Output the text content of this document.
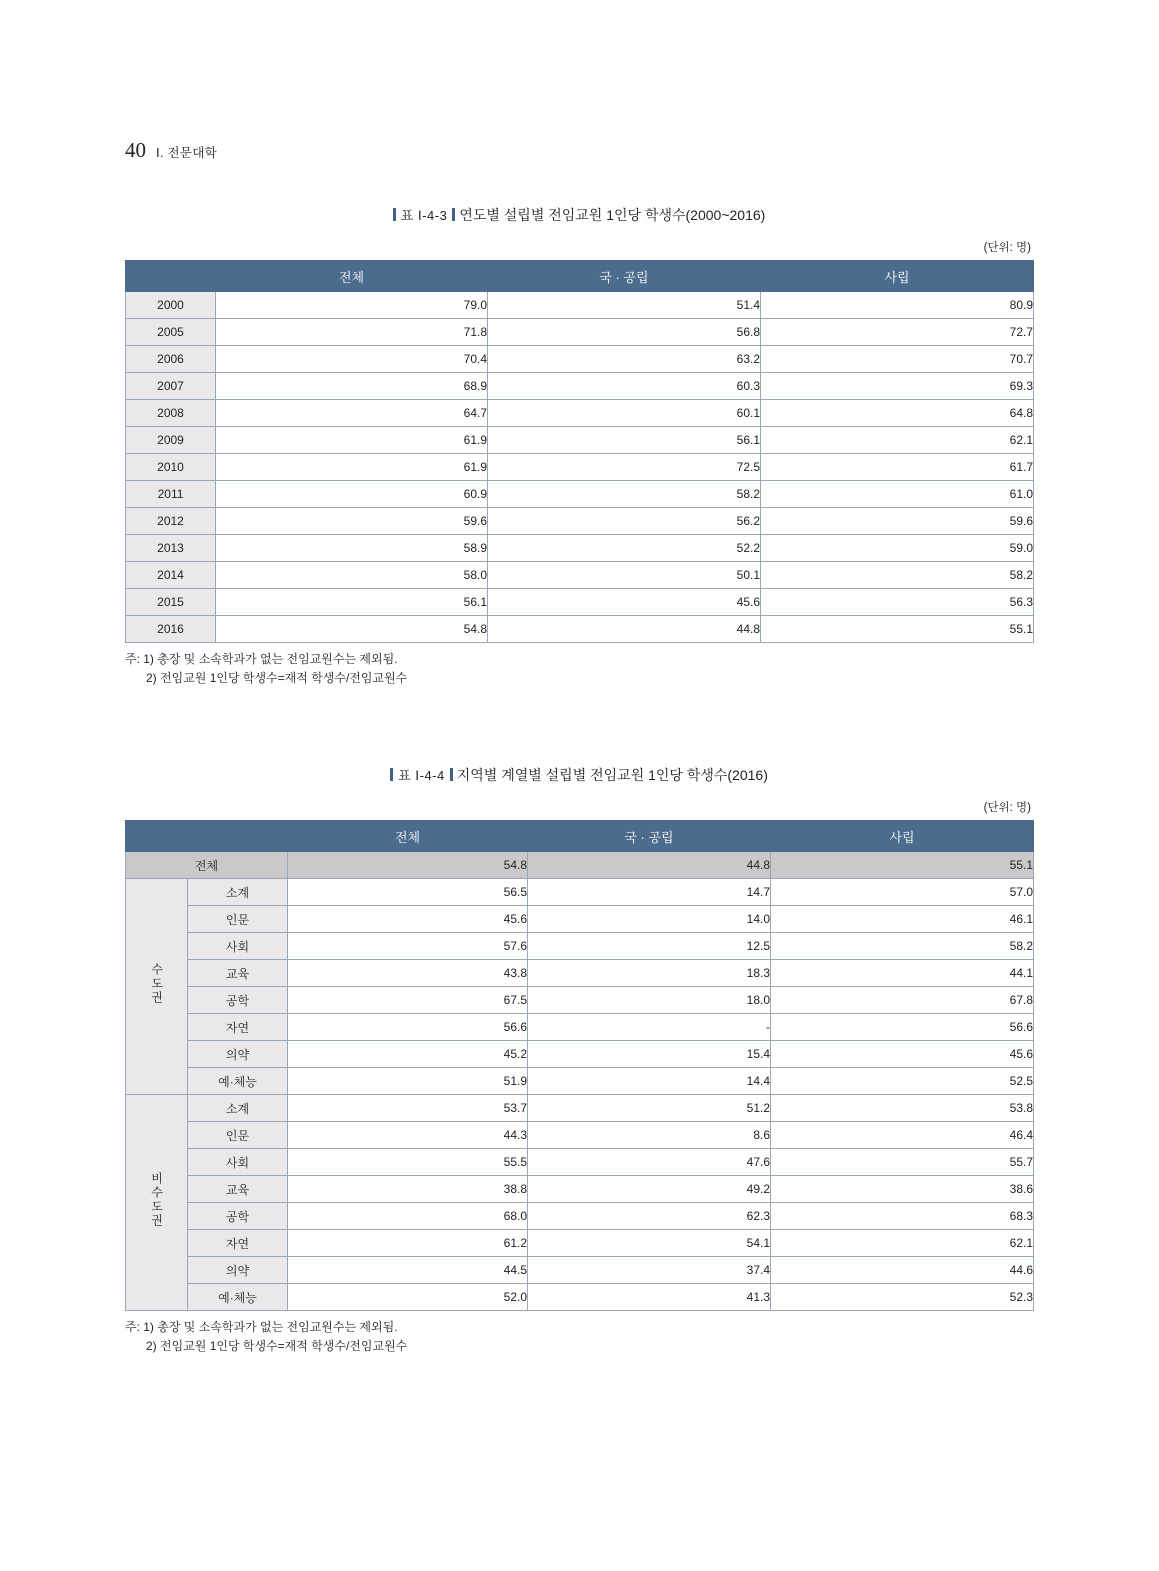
40 Ⅰ. 전문대학
표 Ⅰ-4-3 연도별 설립별 전임교원 1인당 학생수(2000~2016)
(단위: 명)
	전체	국 · 공립	사립
2000	79.0	51.4	80.9
2005	71.8	56.8	72.7
2006	70.4	63.2	70.7
2007	68.9	60.3	69.3
2008	64.7	60.1	64.8
2009	61.9	56.1	62.1
2010	61.9	72.5	61.7
2011	60.9	58.2	61.0
2012	59.6	56.2	59.6
2013	58.9	52.2	59.0
2014	58.0	50.1	58.2
2015	56.1	45.6	56.3
2016	54.8	44.8	55.1
주: 1) 총장 및 소속학과가 없는 전임교원수는 제외됨.
2) 전임교원 1인당 학생수=재적 학생수/전임교원수
표 Ⅰ-4-4 지역별 계열별 설립별 전임교원 1인당 학생수(2016)
(단위: 명)
		전체	국 · 공립	사립
전체		54.8	44.8	55.1
수도권	소계	56.5	14.7	57.0
	인문	45.6	14.0	46.1
	사회	57.6	12.5	58.2
	교육	43.8	18.3	44.1
	공학	67.5	18.0	67.8
	자연	56.6	-	56.6
	의약	45.2	15.4	45.6
	예·체능	51.9	14.4	52.5
비수도권	소계	53.7	51.2	53.8
	인문	44.3	8.6	46.4
	사회	55.5	47.6	55.7
	교육	38.8	49.2	38.6
	공학	68.0	62.3	68.3
	자연	61.2	54.1	62.1
	의약	44.5	37.4	44.6
	예·체능	52.0	41.3	52.3
주: 1) 총장 및 소속학과가 없는 전임교원수는 제외됨.
2) 전임교원 1인당 학생수=재적 학생수/전임교원수
